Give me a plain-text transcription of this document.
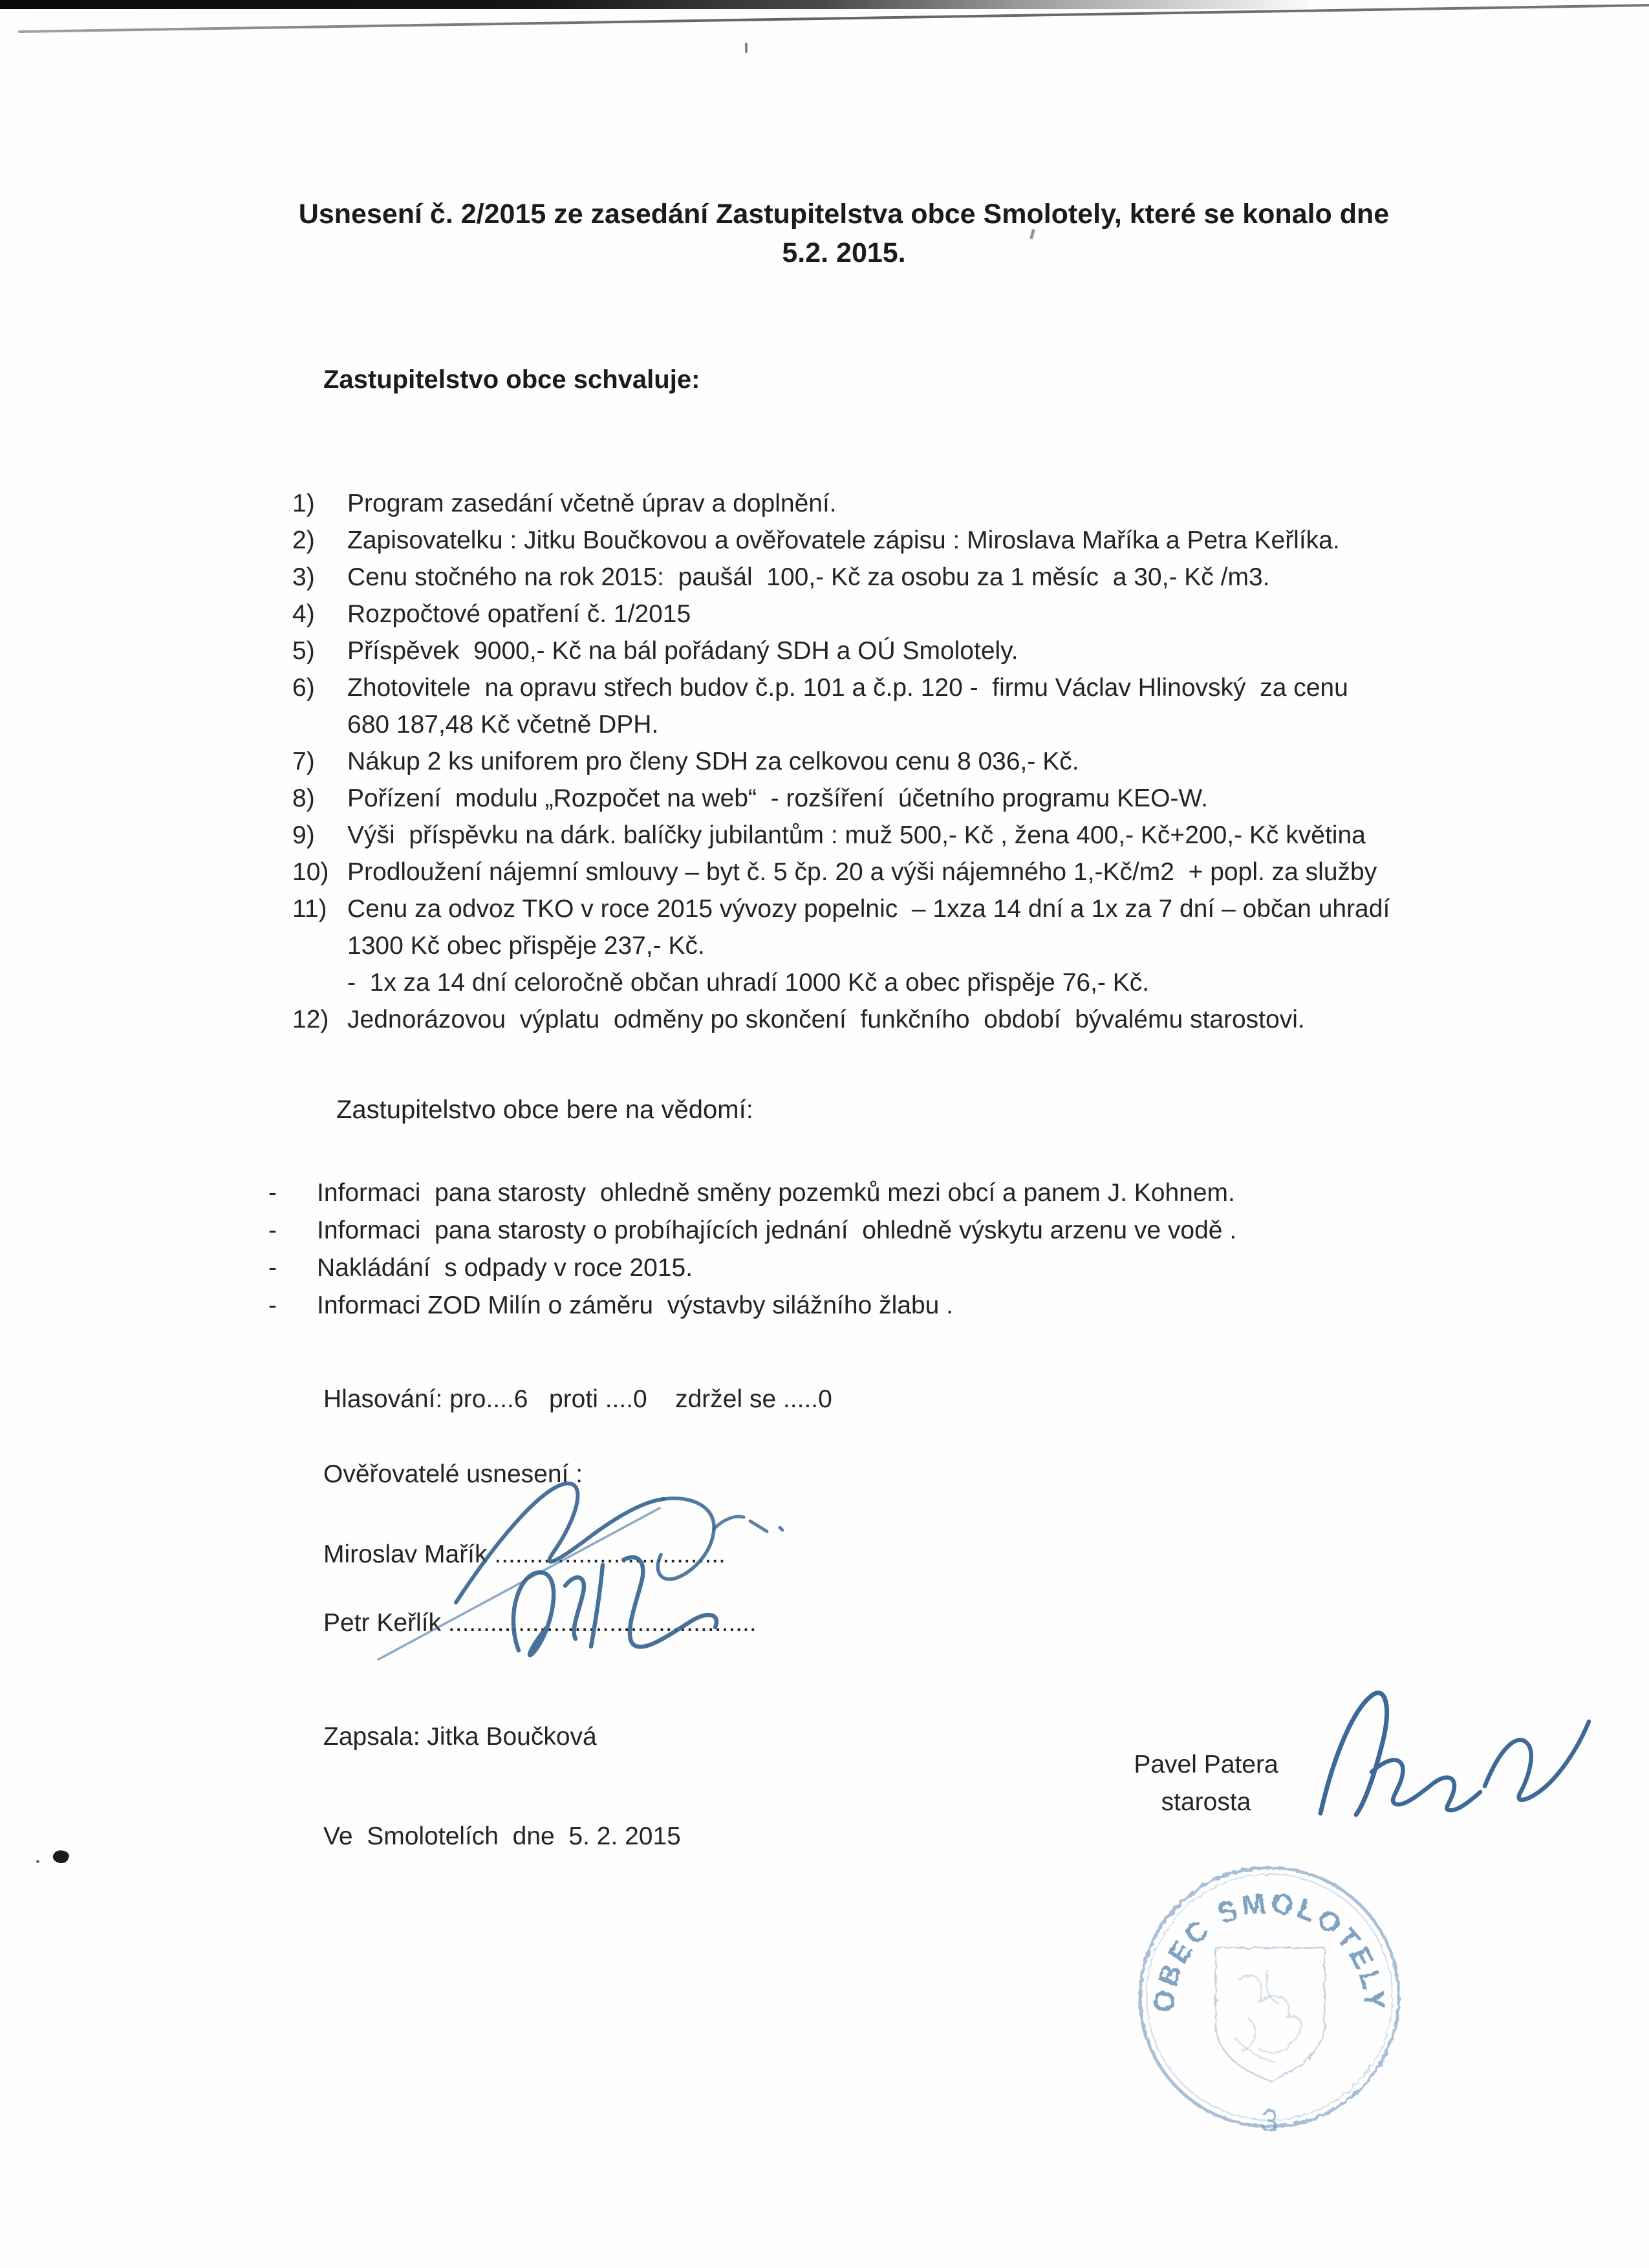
Usnesení č. 2/2015 ze zasedání Zastupitelstva obce Smolotely, které se konalo dne
5.2. 2015.
Zastupitelstvo obce schvaluje:
1)	Program zasedání včetně úprav a doplnění.
2)	Zapisovatelku : Jitku Boučkovou a ověřovatele zápisu : Miroslava Maříka a Petra Keřlíka.
3)	Cenu stočného na rok 2015:  paušál  100,- Kč za osobu za 1 měsíc  a 30,- Kč /m3.
4)	Rozpočtové opatření č. 1/2015
5)	Příspěvek  9000,- Kč na bál pořádaný SDH a OÚ Smolotely.
6)	Zhotovitele  na opravu střech budov č.p. 101 a č.p. 120 -  firmu Václav Hlinovský  za cenu
680 187,48 Kč včetně DPH.
7)	Nákup 2 ks uniforem pro členy SDH za celkovou cenu 8 036,- Kč.
8)	Pořízení  modulu „Rozpočet na web“  - rozšíření  účetního programu KEO-W.
9)	Výši  příspěvku na dárk. balíčky jubilantům : muž 500,- Kč , žena 400,- Kč+200,- Kč květina
10) Prodloužení nájemní smlouvy – byt č. 5 čp. 20 a výši nájemného 1,-Kč/m2  + popl. za služby
11) Cenu za odvoz TKO v roce 2015 vývozy popelnic  – 1xza 14 dní a 1x za 7 dní – občan uhradí
1300 Kč obec přispěje 237,- Kč.
-  1x za 14 dní celoročně občan uhradí 1000 Kč a obec přispěje 76,- Kč.
12) Jednorázovou  výplatu  odměny po skončení  funkčního  období  bývalému starostovi.
Zastupitelstvo obce bere na vědomí:
-	Informaci  pana starosty  ohledně směny pozemků mezi obcí a panem J. Kohnem.
-	Informaci  pana starosty o probíhajících jednání  ohledně výskytu arzenu ve vodě .
-	Nakládání  s odpady v roce 2015.
-	Informaci ZOD Milín o záměru  výstavby silážního žlabu .
Hlasování: pro....6   proti ....0    zdržel se .....0
Ověřovatelé usnesení :
Miroslav Mařík .................................
Petr Keřlík ............................................
Zapsala: Jitka Boučková
Pavel Patera
starosta
Ve  Smolotelích  dne  5. 2. 2015
OBEC SMOLOTELY
3
